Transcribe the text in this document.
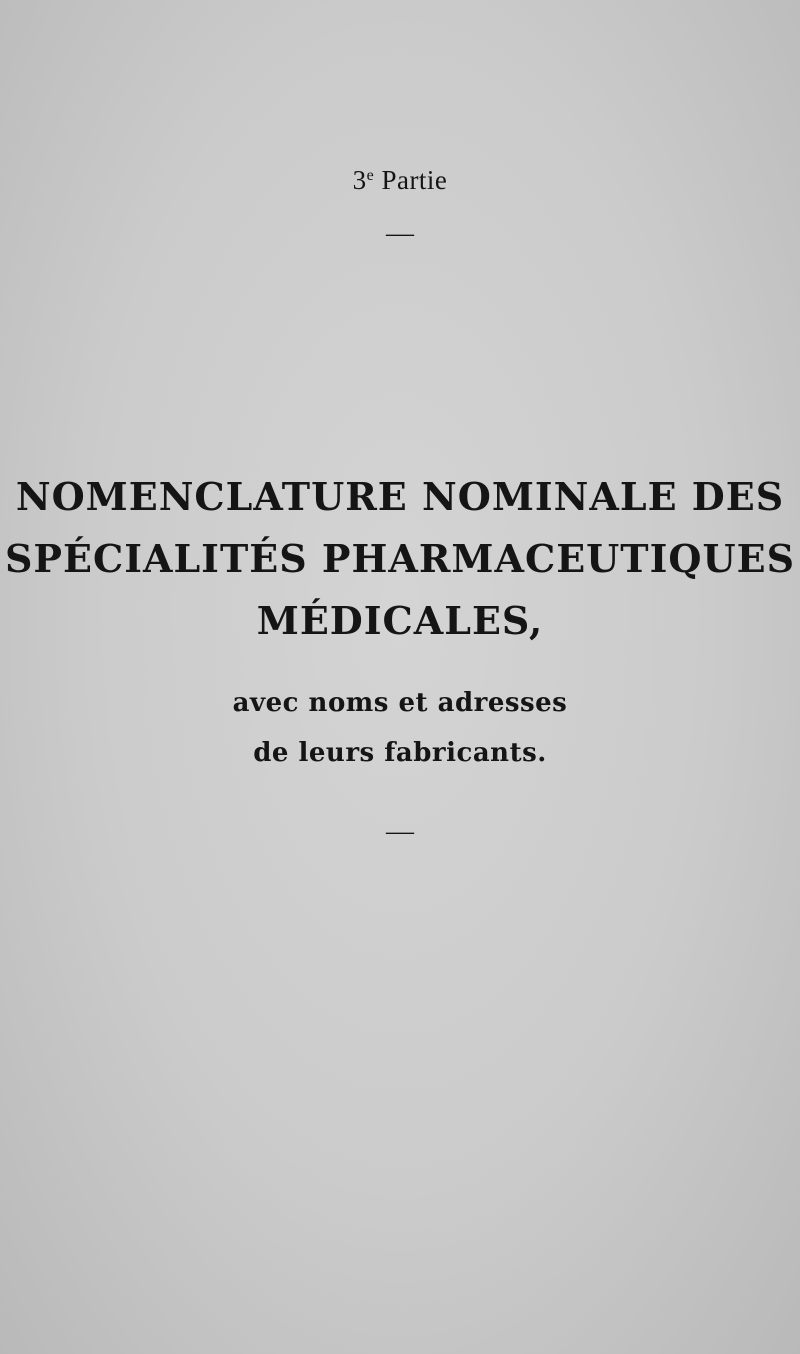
3e Partie
—
NOMENCLATURE NOMINALE DES
SPÉCIALITÉS PHARMACEUTIQUES
MÉDICALES,
avec noms et adresses
de leurs fabricants.
—
